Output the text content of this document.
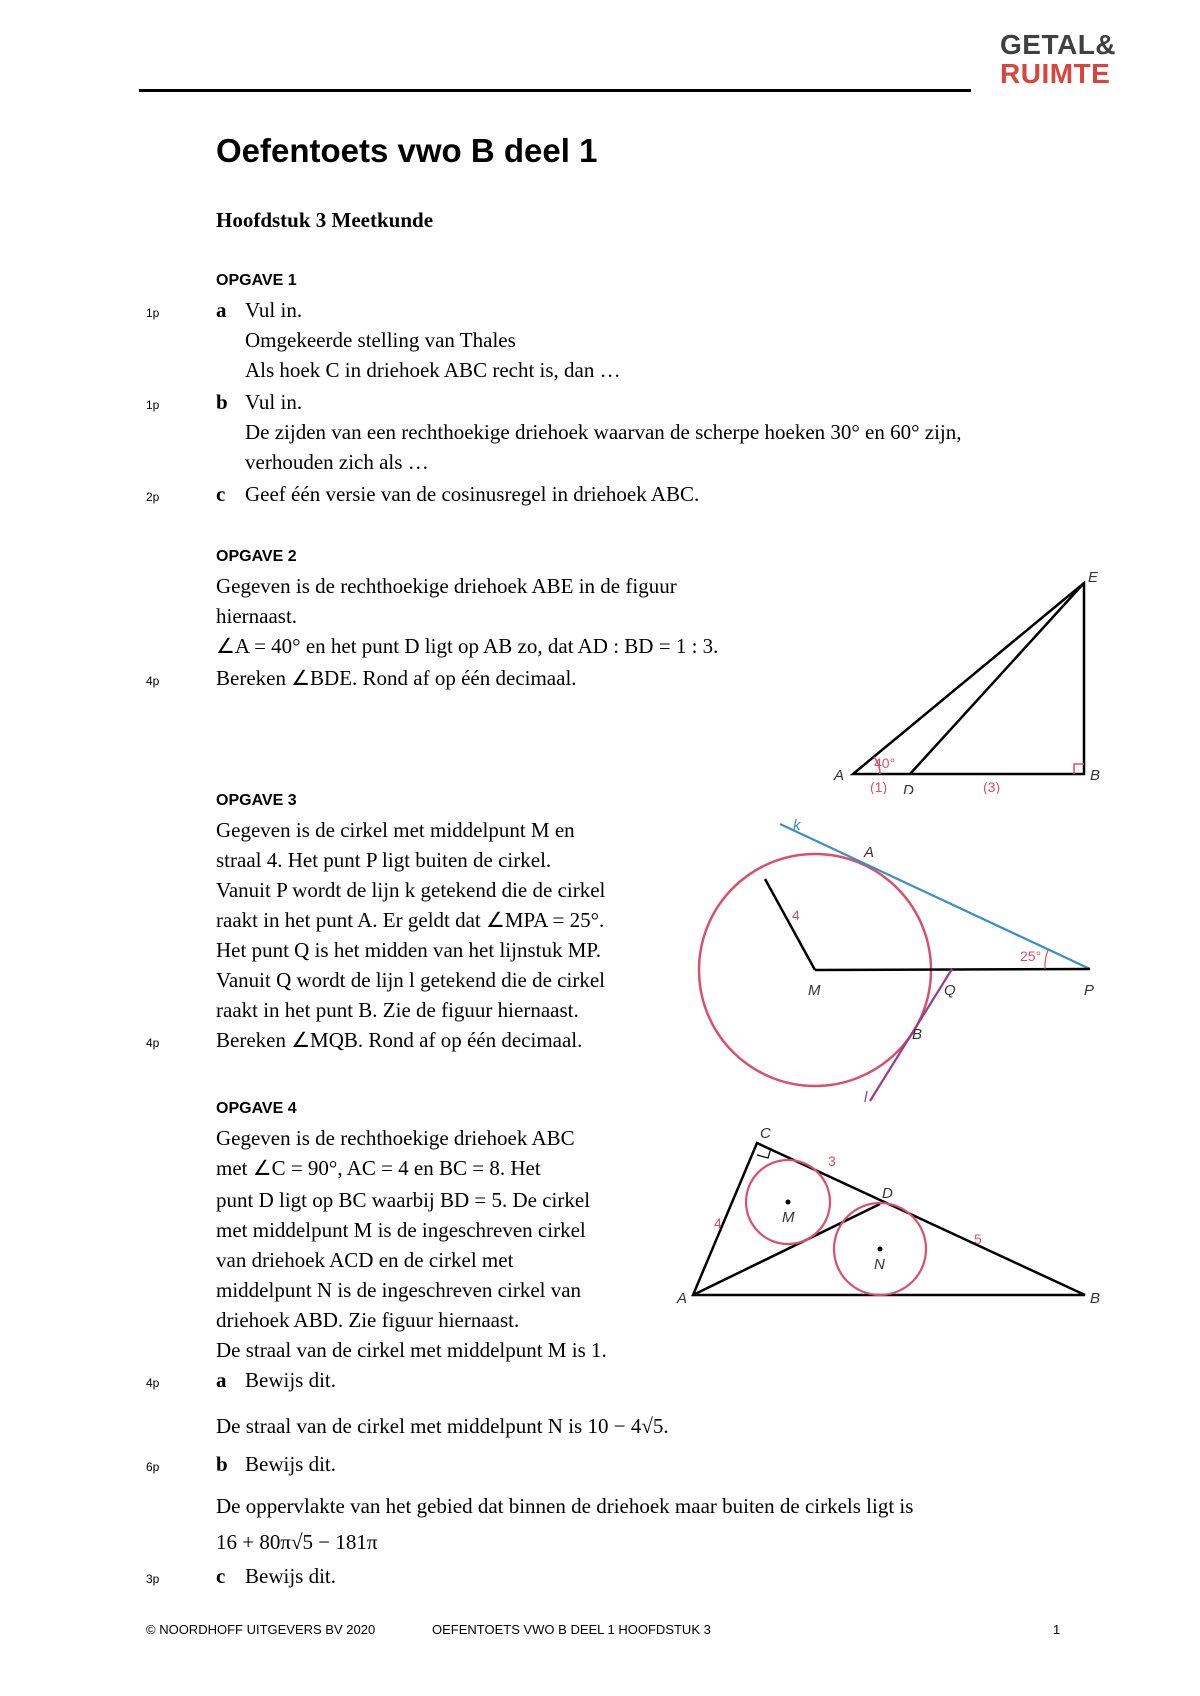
GETAL&
RUIMTE
Oefentoets vwo B deel 1
Hoofdstuk 3 Meetkunde
OPGAVE 1
1p	a Vul in.
Omgekeerde stelling van Thales
Als hoek C in driehoek ABC recht is, dan …
1p	b Vul in.
De zijden van een rechthoekige driehoek waarvan de scherpe hoeken 30° en 60° zijn,
verhouden zich als …
2p	c Geef één versie van de cosinusregel in driehoek ABC.
OPGAVE 2
Gegeven is de rechthoekige driehoek ABE in de figuur
hiernaast.
∠A = 40° en het punt D ligt op AB zo, dat AD : BD = 1 : 3.
4p	Bereken ∠BDE. Rond af op één decimaal.
40°
A
D
B
E
(1)	(3)
OPGAVE 3
Gegeven is de cirkel met middelpunt M en
straal 4. Het punt P ligt buiten de cirkel.
Vanuit P wordt de lijn k getekend die de cirkel
raakt in het punt A. Er geldt dat ∠MPA = 25°.
Het punt Q is het midden van het lijnstuk MP.
Vanuit Q wordt de lijn l getekend die de cirkel
raakt in het punt B. Zie de figuur hiernaast.
4p	Bereken ∠MQB. Rond af op één decimaal.
k
l
A
M	Q	P
B
4
25°
OPGAVE 4
Gegeven is de rechthoekige driehoek ABC
met ∠C = 90°, AC = 4 en BC = 8. Het
punt D ligt op BC waarbij BD = 5. De cirkel
met middelpunt M is de ingeschreven cirkel
van driehoek ACD en de cirkel met
middelpunt N is de ingeschreven cirkel van
driehoek ABD. Zie figuur hiernaast.
De straal van de cirkel met middelpunt M is 1.
4p	a Bewijs dit.
De straal van de cirkel met middelpunt N is 10 − 4√5.
6p	b Bewijs dit.
De oppervlakte van het gebied dat binnen de driehoek maar buiten de cirkels ligt is
16 + 80π√5 − 181π
3p	c Bewijs dit.
A	B
C
D
M
N
4
3
5
© NOORDHOFF UITGEVERS BV 2020	OEFENTOETS VWO B DEEL 1 HOOFDSTUK 3	1
